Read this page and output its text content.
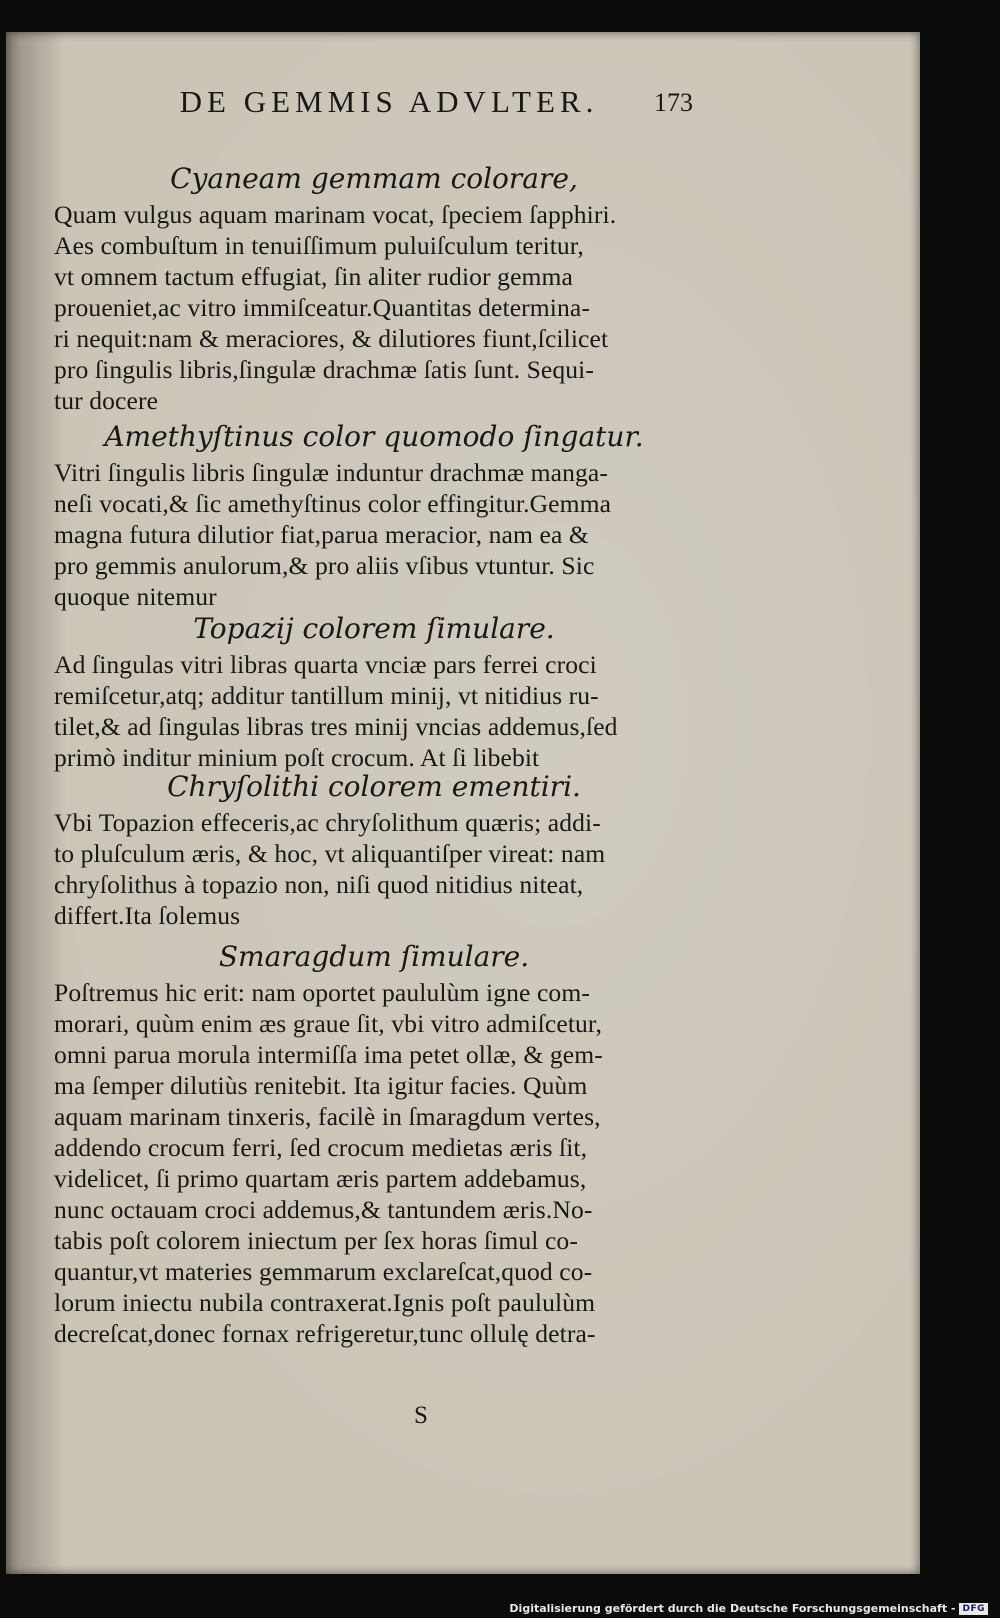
DE GEMMIS ADVLTER.	173
Cyaneam gemmam colorare,
Quam vulgus aquam marinam vocat, ſpeciem ſapphiri.
Aes combuſtum in tenuiſſimum puluiſculum teritur,
vt omnem tactum effugiat, ſin aliter rudior gemma
proueniet,ac vitro immiſceatur.Quantitas determina-
ri nequit:nam & meraciores, & dilutiores fiunt,ſcilicet
pro ſingulis libris,ſingulæ drachmæ ſatis ſunt. Sequi-
tur docere
Amethyſtinus color quomodo ſingatur.
Vitri ſingulis libris ſingulæ induntur drachmæ manga-
neſi vocati,& ſic amethyſtinus color effingitur.Gemma
magna futura dilutior fiat,parua meracior, nam ea &
pro gemmis anulorum,& pro aliis vſibus vtuntur. Sic
quoque nitemur
Topazij colorem ſimulare.
Ad ſingulas vitri libras quarta vnciæ pars ferrei croci
remiſcetur,atq; additur tantillum minij, vt nitidius ru-
tilet,& ad ſingulas libras tres minij vncias addemus,ſed
primò inditur minium poſt crocum. At ſi libebit
Chryſolithi colorem ementiri.
Vbi Topazion effeceris,ac chryſolithum quæris; addi-
to pluſculum æris, & hoc, vt aliquantiſper vireat: nam
chryſolithus à topazio non, niſi quod nitidius niteat,
differt.Ita ſolemus
Smaragdum ſimulare.
Poſtremus hic erit: nam oportet paululùm igne com-
morari, quùm enim æs graue ſit, vbi vitro admiſcetur,
omni parua morula intermiſſa ima petet ollæ, & gem-
ma ſemper dilutiùs renitebit. Ita igitur facies. Quùm
aquam marinam tinxeris, facilè in ſmaragdum vertes,
addendo crocum ferri, ſed crocum medietas æris ſit,
videlicet, ſi primo quartam æris partem addebamus,
nunc octauam croci addemus,& tantundem æris.No-
tabis poſt colorem iniectum per ſex horas ſimul co-
quantur,vt materies gemmarum exclareſcat,quod co-
lorum iniectu nubila contraxerat.Ignis poſt paululùm
decreſcat,donec fornax refrigeretur,tunc ollulę detra-
S
Digitalisierung gefördert durch die Deutsche Forschungsgemeinschaft - DFG
